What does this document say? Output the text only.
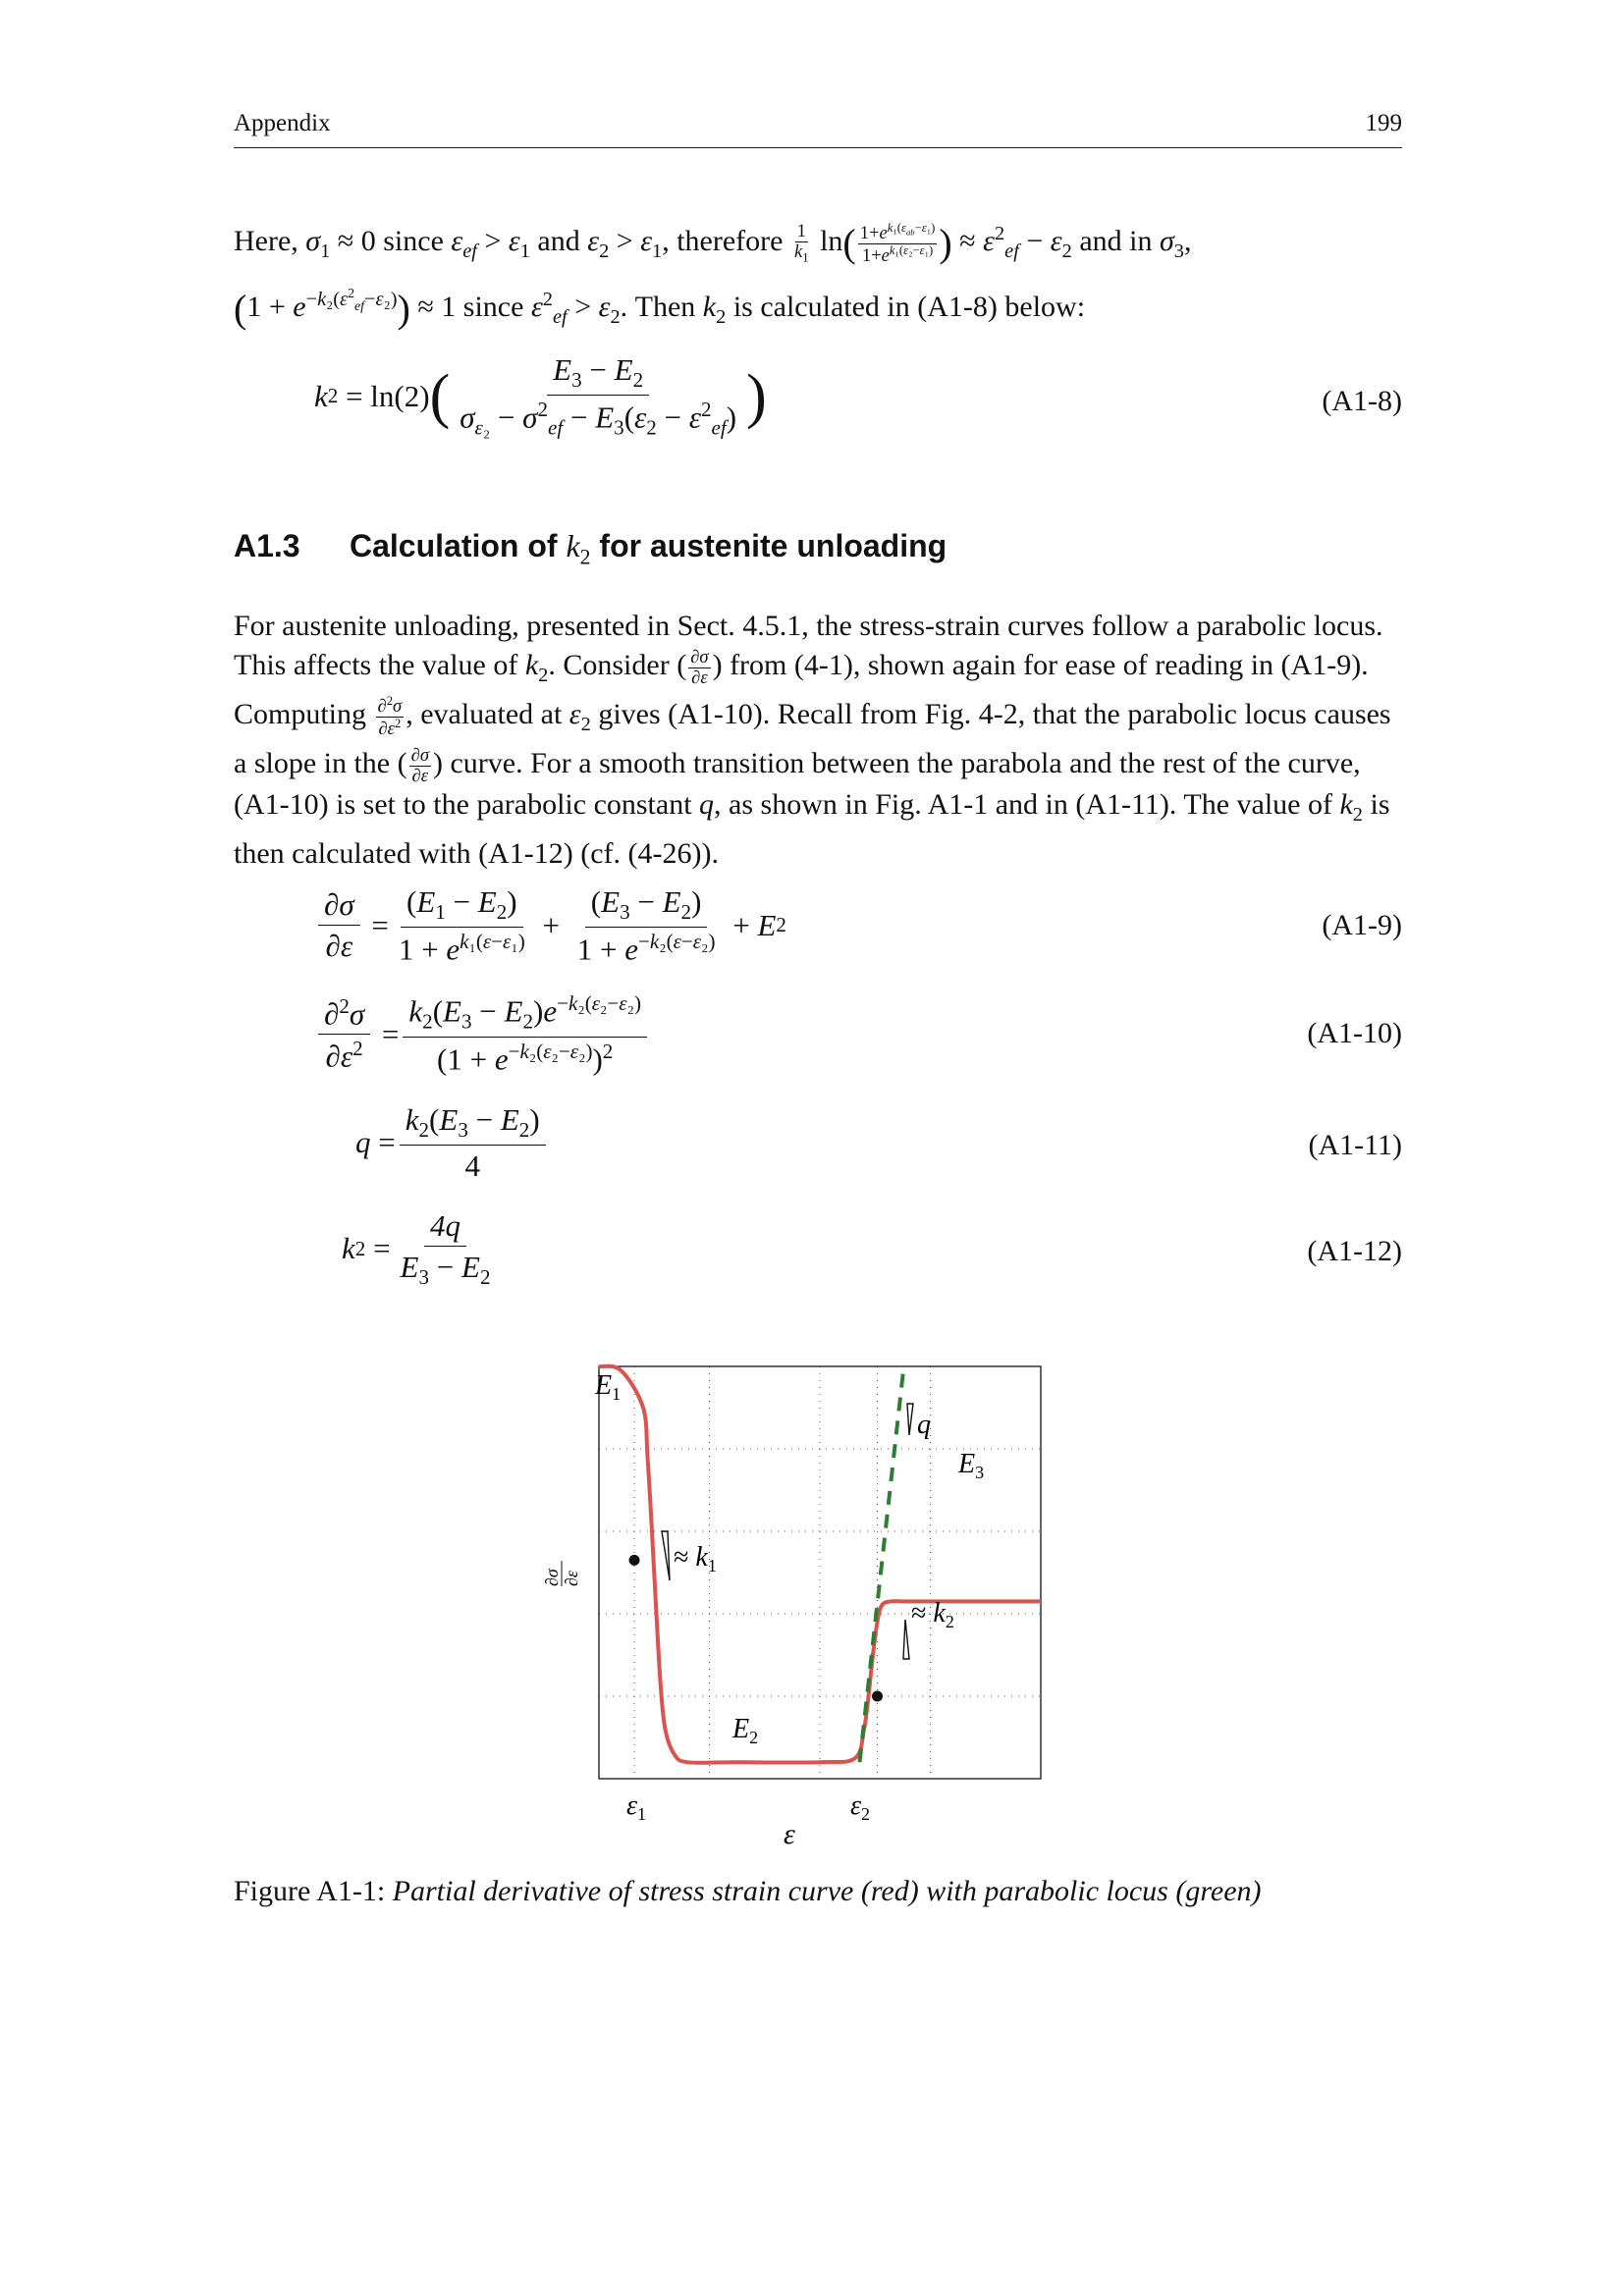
Appendix	199
Here, $\sigma_1 \approx 0$ since $\varepsilon_{ef} > \varepsilon_1$ and $\varepsilon_2 > \varepsilon_1$, therefore $\frac{1}{k_1} \ln( \frac{1+e^{k_1(\varepsilon_{ab}-\varepsilon_1)}}{1+e^{k_1(\varepsilon_2-\varepsilon_1)}}$ ) ≈ $\varepsilon^2_{ef} - \varepsilon_2$ and in $\sigma_3$,
$(1 + e^{-k_2(\varepsilon^2_{ef}-\varepsilon_2)}) \approx 1$ since $\varepsilon^2_{ef} > \varepsilon_2$. Then $k_2$ is calculated in (A1-8) below:
k 2 = ln(2) ( $\frac{E_3 - E_2}{\sigma_{\varepsilon_2} - \sigma^2_{ef} - E_3(\varepsilon_2 - \varepsilon^2_{ef})}$ )	(A1-8)
A1.3 Calculation of $k_2$ for austenite unloading
For austenite unloading, presented in Sect. 4.5.1, the stress-strain curves follow a parabolic locus. This affects the value of $k_2$. Consider ( $\frac{\partial\sigma}{\partial\varepsilon}$ ) from (4-1), shown again for ease of reading in (A1-9). Computing $\frac{\partial^2\sigma}{\partial\varepsilon^2}$ , evaluated at $\varepsilon_2$ gives (A1-10). Recall from Fig. 4-2, that the parabolic locus causes a slope in the ( $\frac{\partial\sigma}{\partial\varepsilon}$ ) curve. For a smooth transition between the parabola and the rest of the curve, (A1-10) is set to the parabolic constant q, as shown in Fig. A1-1 and in (A1-11). The value of $k_2$ is then calculated with (A1-12) (cf. (4-26)).
$\frac{\partial\sigma}{\partial\varepsilon} = \frac{(E_1 - E_2)}{1 + e^{k_1(\varepsilon-\varepsilon_1)}} + \frac{(E_3 - E_2)}{1 + e^{-k_2(\varepsilon-\varepsilon_2)}} + E$ 2	(A1-9)
$\frac{\partial^2\sigma}{\partial\varepsilon^2} = \frac{k_2(E_3 - E_2)e^{-k_2(\varepsilon_2-\varepsilon_2)}}{(1 + e^{-k_2(\varepsilon_2-\varepsilon_2)})^2}$	(A1-10)
$q = \frac{k_2(E_3 - E_2)}{4}$	(A1-11)
k $2 = \frac{4q}{E_3 - E_2}$	(A1-12)
$E_1$
$E_3$
$E_2$
≈ $k_1$
≈ $k_2$
q
$\varepsilon_1$	$\varepsilon_2$
ε
∂σ ∂ε
Figure A1-1: Partial derivative of stress strain curve (red) with parabolic locus (green)
